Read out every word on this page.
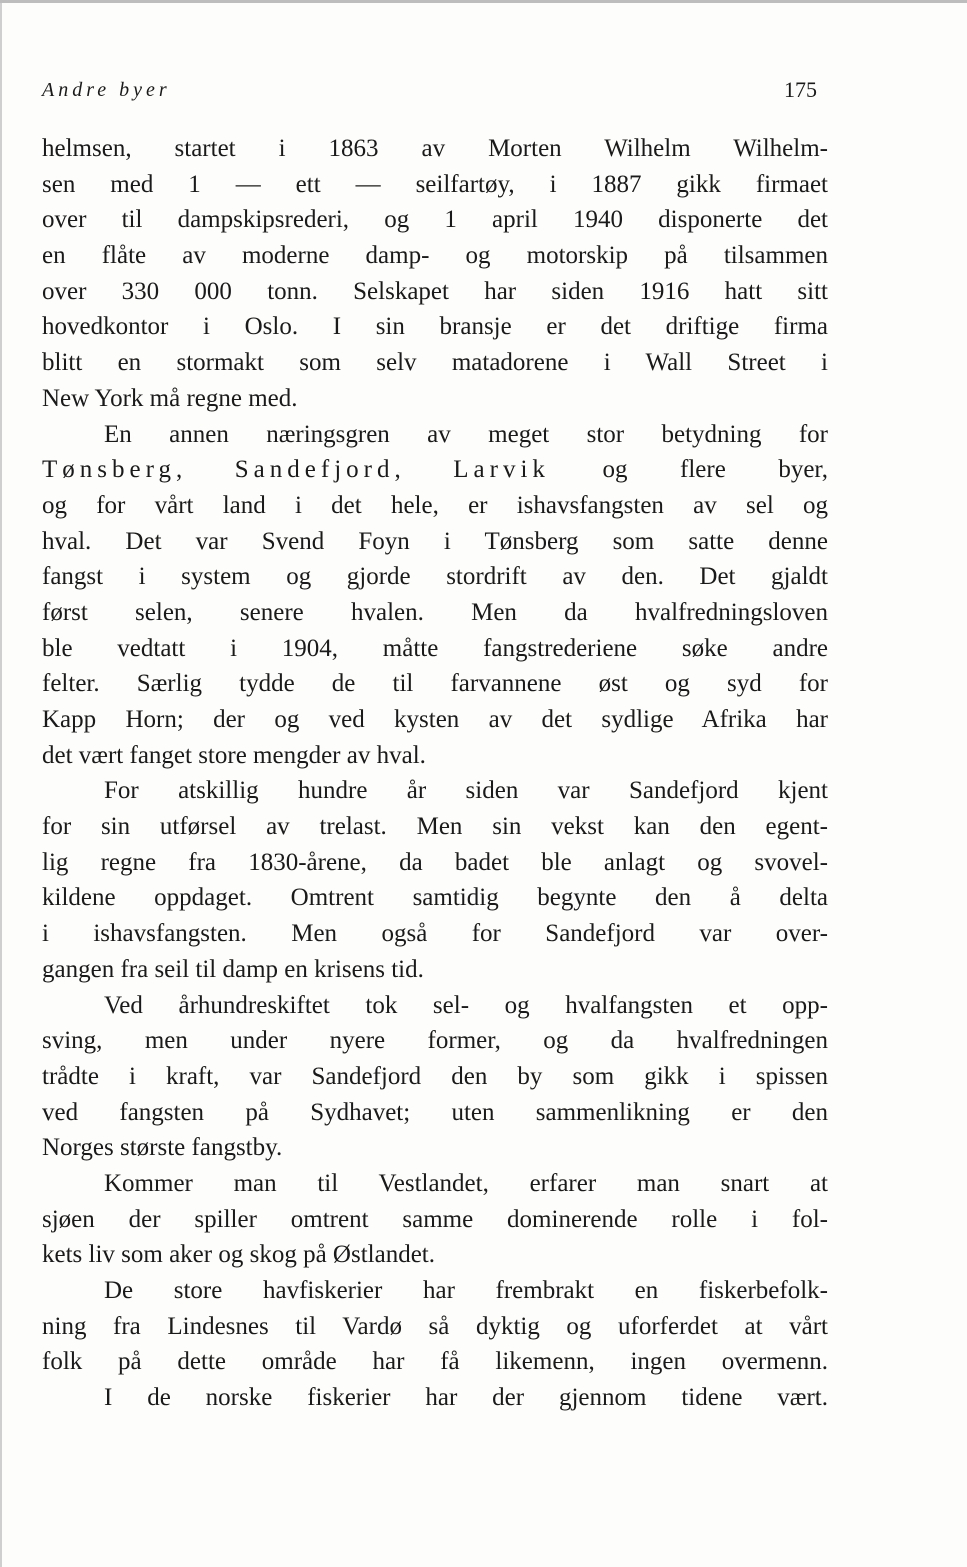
Andre byer	175
helmsen, startet i 1863 av Morten Wilhelm Wilhelm-
sen med 1 — ett — seilfartøy, i 1887 gikk firmaet
over til dampskipsrederi, og 1 april 1940 disponerte det
en flåte av moderne damp- og motorskip på tilsammen
over 330 000 tonn. Selskapet har siden 1916 hatt sitt
hovedkontor i Oslo. I sin bransje er det driftige firma
blitt en stormakt som selv matadorene i Wall Street i
New York må regne med.
En annen næringsgren av meget stor betydning for
Tønsberg, Sandefjord, Larvik og flere byer,
og for vårt land i det hele, er ishavsfangsten av sel og
hval. Det var Svend Foyn i Tønsberg som satte denne
fangst i system og gjorde stordrift av den. Det gjaldt
først selen, senere hvalen. Men da hvalfredningsloven
ble vedtatt i 1904, måtte fangstrederiene søke andre
felter. Særlig tydde de til farvannene øst og syd for
Kapp Horn; der og ved kysten av det sydlige Afrika har
det vært fanget store mengder av hval.
For atskillig hundre år siden var Sandefjord kjent
for sin utførsel av trelast. Men sin vekst kan den egent-
lig regne fra 1830-årene, da badet ble anlagt og svovel-
kildene oppdaget. Omtrent samtidig begynte den å delta
i ishavsfangsten. Men også for Sandefjord var over-
gangen fra seil til damp en krisens tid.
Ved århundreskiftet tok sel- og hvalfangsten et opp-
sving, men under nyere former, og da hvalfredningen
trådte i kraft, var Sandefjord den by som gikk i spissen
ved fangsten på Sydhavet; uten sammenlikning er den
Norges største fangstby.
Kommer man til Vestlandet, erfarer man snart at
sjøen der spiller omtrent samme dominerende rolle i fol-
kets liv som aker og skog på Østlandet.
De store havfiskerier har frembrakt en fiskerbefolk-
ning fra Lindesnes til Vardø så dyktig og uforferdet at vårt
folk på dette område har få likemenn, ingen overmenn.
I de norske fiskerier har der gjennom tidene vært.
